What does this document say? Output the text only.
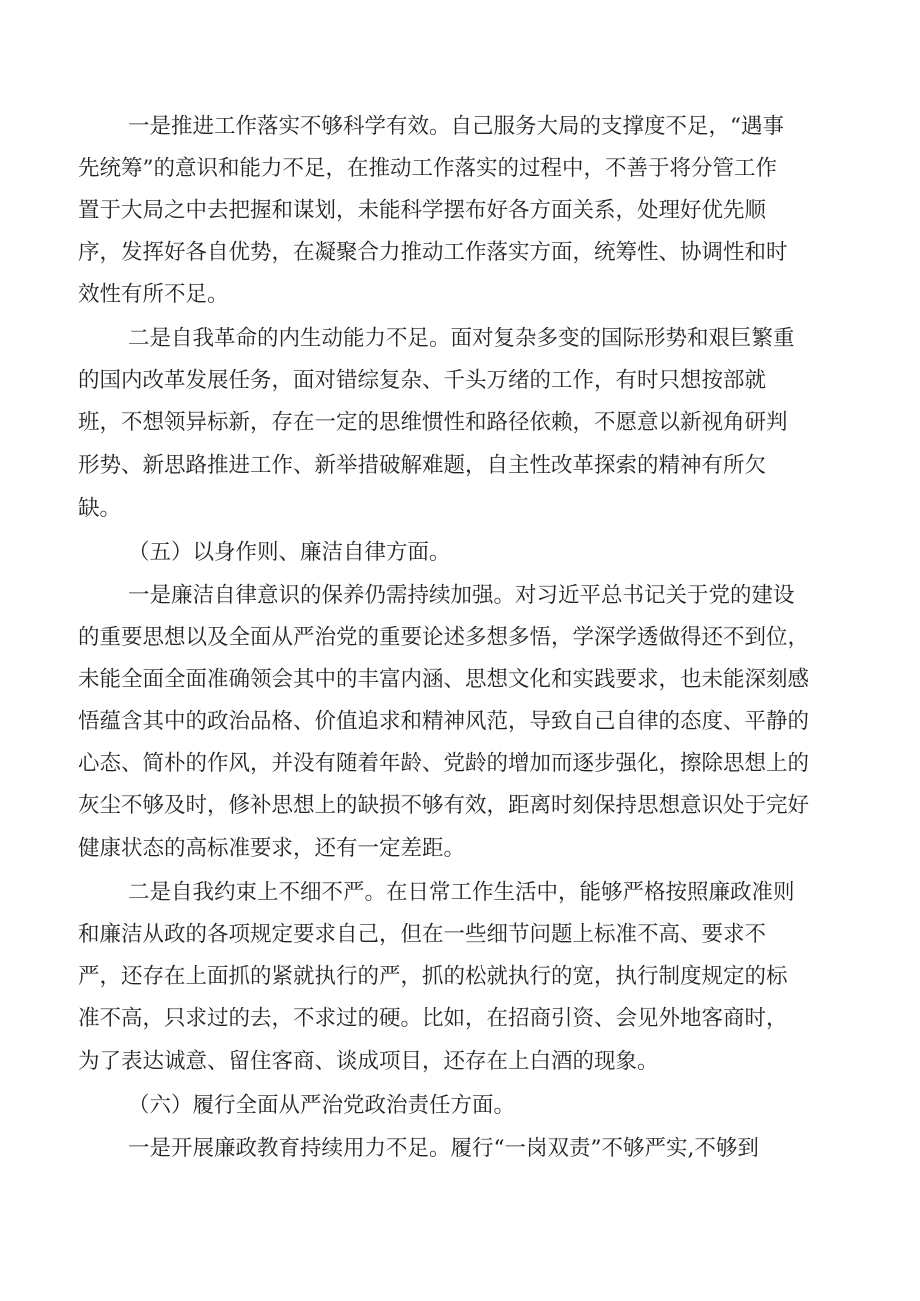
一是推进工作落实不够科学有效。自己服务大局的支撑度不足，“遇事
先统筹”的意识和能力不足，在推动工作落实的过程中，不善于将分管工作
置于大局之中去把握和谋划，未能科学摆布好各方面关系，处理好优先顺
序，发挥好各自优势，在凝聚合力推动工作落实方面，统筹性、协调性和时
效性有所不足。
二是自我革命的内生动能力不足。面对复杂多变的国际形势和艰巨繁重
的国内改革发展任务，面对错综复杂、千头万绪的工作，有时只想按部就
班，不想领异标新，存在一定的思维惯性和路径依赖，不愿意以新视角研判
形势、新思路推进工作、新举措破解难题，自主性改革探索的精神有所欠
缺。
（五）以身作则、廉洁自律方面。
一是廉洁自律意识的保养仍需持续加强。对习近平总书记关于党的建设
的重要思想以及全面从严治党的重要论述多想多悟，学深学透做得还不到位，
未能全面全面准确领会其中的丰富内涵、思想文化和实践要求，也未能深刻感
悟蕴含其中的政治品格、价值追求和精神风范，导致自己自律的态度、平静的
心态、简朴的作风，并没有随着年龄、党龄的增加而逐步强化，擦除思想上的
灰尘不够及时，修补思想上的缺损不够有效，距离时刻保持思想意识处于完好
健康状态的高标准要求，还有一定差距。
二是自我约束上不细不严。在日常工作生活中，能够严格按照廉政准则
和廉洁从政的各项规定要求自己，但在一些细节问题上标准不高、要求不
严，还存在上面抓的紧就执行的严，抓的松就执行的宽，执行制度规定的标
准不高，只求过的去，不求过的硬。比如，在招商引资、会见外地客商时，
为了表达诚意、留住客商、谈成项目，还存在上白酒的现象。
（六）履行全面从严治党政治责任方面。
一是开展廉政教育持续用力不足。履行“一岗双责”不够严实,不够到
